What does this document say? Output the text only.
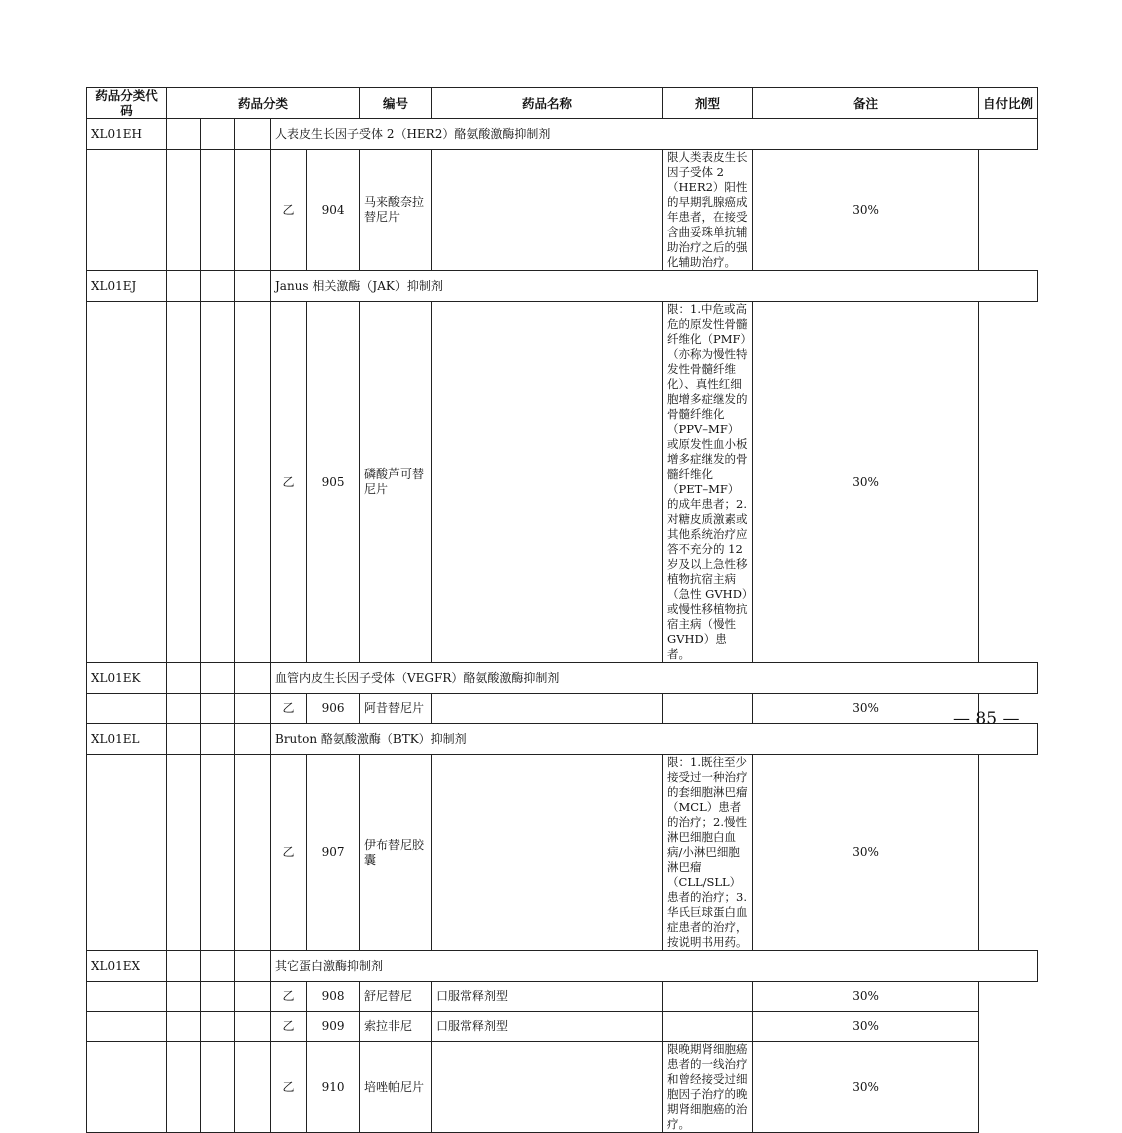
药品分类代码	药品分类					编号	药品名称	剂型	备注	自付比例
XL01EH				人表皮生长因子受体 2（HER2）酪氨酸激酶抑制剂						
				乙	904	马来酸奈拉替尼片		限人类表皮生长因子受体 2（HER2）阳性的早期乳腺癌成年患者，在接受含曲妥珠单抗辅助治疗之后的强化辅助治疗。	30%	
XL01EJ				Janus 相关激酶（JAK）抑制剂						
				乙	905	磷酸芦可替尼片		限：1.中危或高危的原发性骨髓纤维化（PMF）（亦称为慢性特发性骨髓纤维化）、真性红细胞增多症继发的骨髓纤维化（PPV–MF）或原发性血小板增多症继发的骨髓纤维化（PET–MF）的成年患者；2.对糖皮质激素或其他系统治疗应答不充分的 12 岁及以上急性移植物抗宿主病（急性 GVHD）或慢性移植物抗宿主病（慢性 GVHD）患者。	30%	
XL01EK				血管内皮生长因子受体（VEGFR）酪氨酸激酶抑制剂						
				乙	906	阿昔替尼片			30%	
XL01EL				Bruton 酪氨酸激酶（BTK）抑制剂						
				乙	907	伊布替尼胶囊		限：1.既往至少接受过一种治疗的套细胞淋巴瘤（MCL）患者的治疗；2.慢性淋巴细胞白血病/小淋巴细胞淋巴瘤（CLL/SLL）患者的治疗；3.华氏巨球蛋白血症患者的治疗，按说明书用药。	30%	
XL01EX				其它蛋白激酶抑制剂						
				乙	908	舒尼替尼	口服常释剂型		30%	
				乙	909	索拉非尼	口服常释剂型		30%	
				乙	910	培唑帕尼片		限晚期肾细胞癌患者的一线治疗和曾经接受过细胞因子治疗的晚期肾细胞癌的治疗。	30%	
— 85 —
